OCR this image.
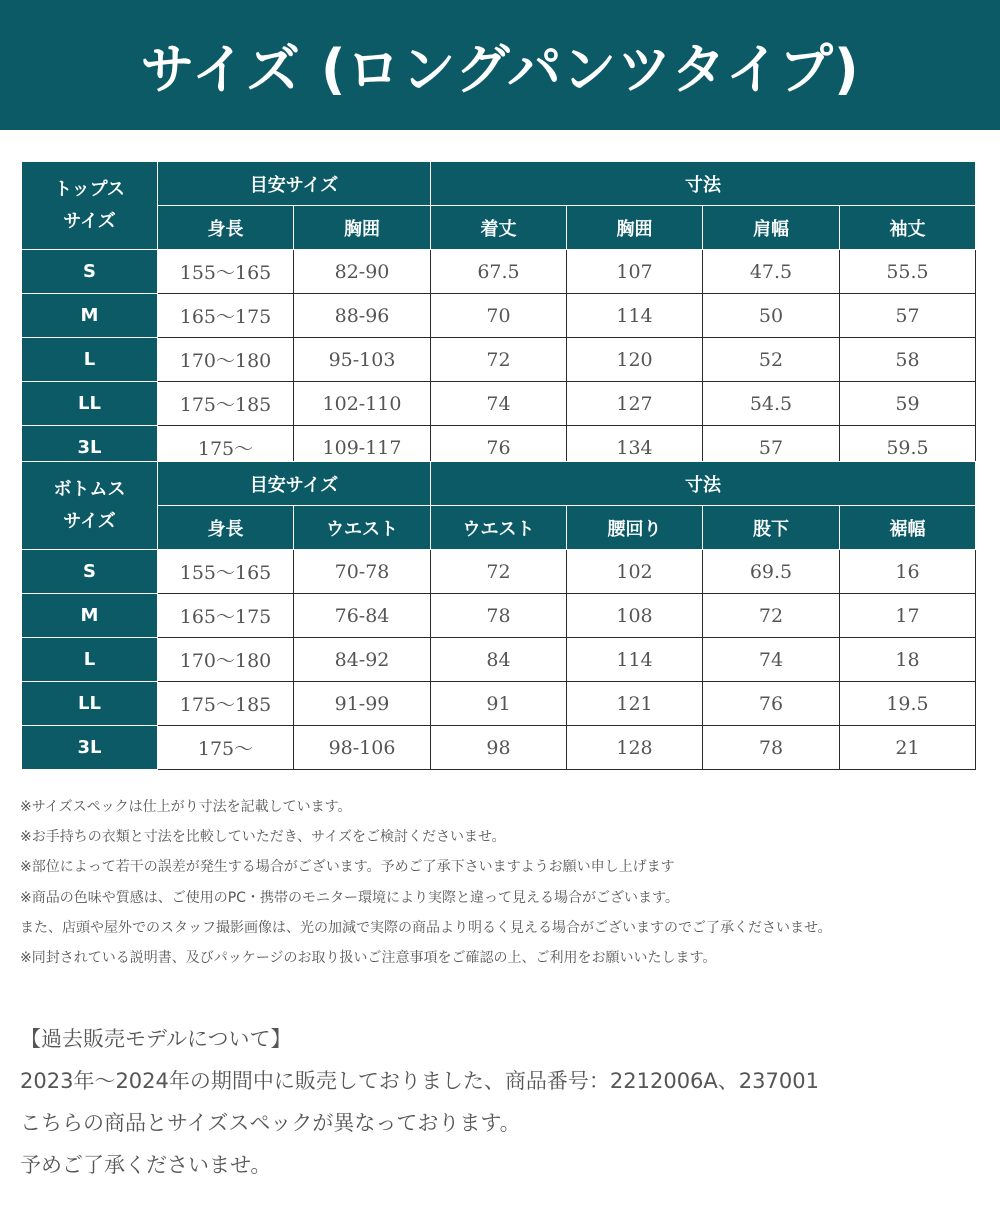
サイズ (ロングパンツタイプ)
トップス
サイズ	目安サイズ		寸法			
	身長	胸囲	着丈	胸囲	肩幅	袖丈
S	155〜165	82-90	67.5	107	47.5	55.5
M	165〜175	88-96	70	114	50	57
L	170〜180	95-103	72	120	52	58
LL	175〜185	102-110	74	127	54.5	59
3L	175〜	109-117	76	134	57	59.5
ボトムス
サイズ	目安サイズ		寸法			
	身長	ウエスト	ウエスト	腰回り	股下	裾幅
S	155〜165	70-78	72	102	69.5	16
M	165〜175	76-84	78	108	72	17
L	170〜180	84-92	84	114	74	18
LL	175〜185	91-99	91	121	76	19.5
3L	175〜	98-106	98	128	78	21
※サイズスペックは仕上がり寸法を記載しています。
※お手持ちの衣類と寸法を比較していただき、サイズをご検討くださいませ。
※部位によって若干の誤差が発生する場合がございます。予めご了承下さいますようお願い申し上げます
※商品の色味や質感は、ご使用のPC・携帯のモニター環境により実際と違って見える場合がございます。
また、店頭や屋外でのスタッフ撮影画像は、光の加減で実際の商品より明るく見える場合がございますのでご了承くださいませ。
※同封されている説明書、及びパッケージのお取り扱いご注意事項をご確認の上、ご利用をお願いいたします。
【過去販売モデルについて】
2023年〜2024年の期間中に販売しておりました、商品番号：2212006A、237001
こちらの商品とサイズスペックが異なっております。
予めご了承くださいませ。
